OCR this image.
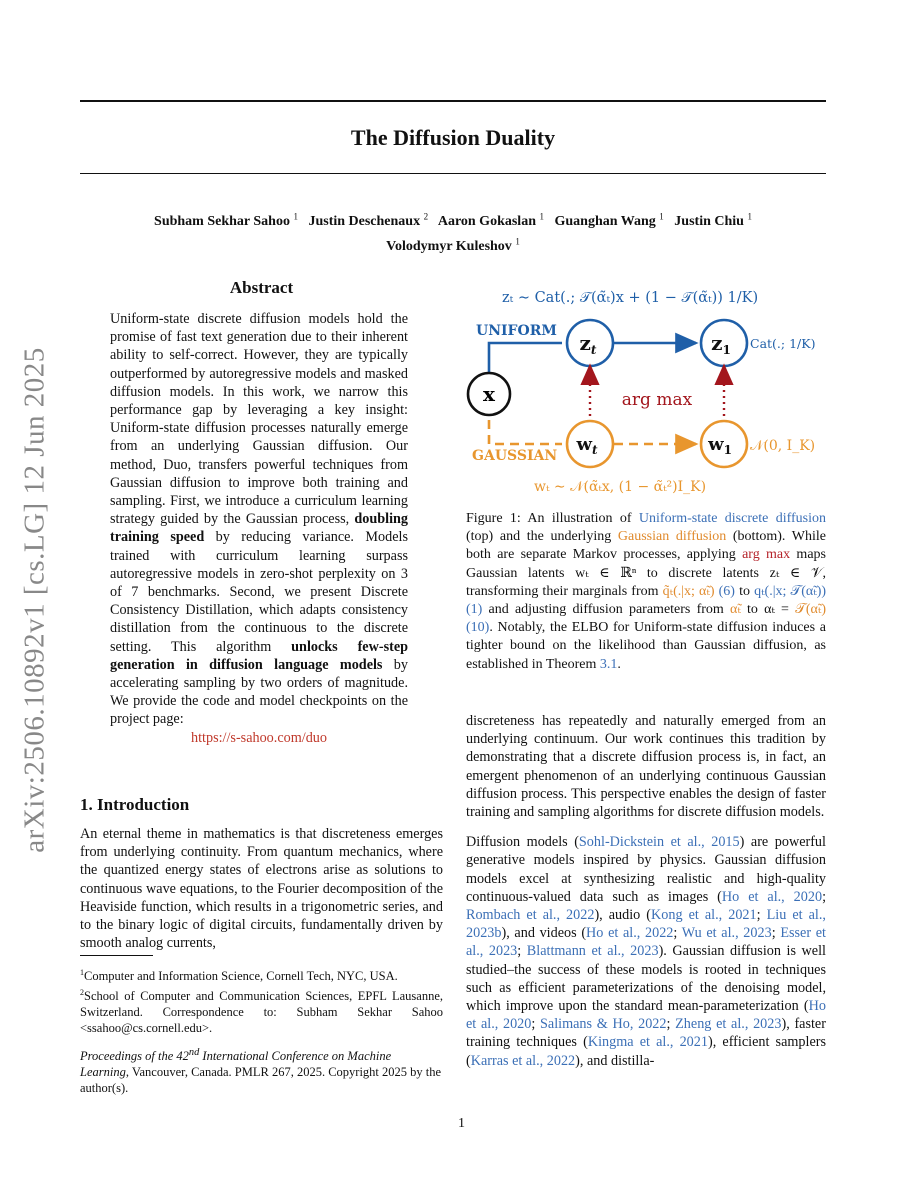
arXiv:2506.10892v1 [cs.LG] 12 Jun 2025
The Diffusion Duality
Subham Sekhar Sahoo $^1$ Justin Deschenaux $^2$ Aaron Gokaslan $^1$ Guanghan Wang $^1$ Justin Chiu $^1$
Volodymyr Kuleshov $^1$
Abstract

Uniform-state discrete diffusion models hold the promise of fast text generation due to their inherent ability to self-correct. However, they are typically outperformed by autoregressive models and masked diffusion models. In this work, we narrow this performance gap by leveraging a key insight: Uniform-state diffusion processes naturally emerge from an underlying Gaussian diffusion. Our method, Duo, transfers powerful techniques from Gaussian diffusion to improve both training and sampling. First, we introduce a curriculum learning strategy guided by the Gaussian process, doubling training speed by reducing variance. Models trained with curriculum learning surpass autoregressive models in zero-shot perplexity on 3 of 7 benchmarks. Second, we present Discrete Consistency Distillation, which adapts consistency distillation from the continuous to the discrete setting. This algorithm unlocks few-step generation in diffusion language models by accelerating sampling by two orders of magnitude. We provide the code and model checkpoints on the project page:

https://s-sahoo.com/duo

1. Introduction
An eternal theme in mathematics is that discreteness emerges from underlying continuity. From quantum mechanics, where the quantized energy states of electrons arise as solutions to continuous wave equations, to the Fourier decomposition of the Heaviside function, which results in a trigonometric series, and to the binary logic of digital circuits, fundamentally driven by smooth analog currents,
$^1$Computer and Information Science, Cornell Tech, NYC, USA.
$^2$School of Computer and Communication Sciences, EPFL Lausanne, Switzerland. Correspondence to: Subham Sekhar Sahoo <ssahoo@cs.cornell.edu>.
Proceedings of the 42nd International Conference on Machine Learning, Vancouver, Canada. PMLR 267, 2025. Copyright 2025 by the author(s).
zₜ ∼ Cat(.; 𝒯(α̃ₜ)x + (1 − 𝒯(α̃ₜ)) 1/K)
UNIFORM
x
$z_t$	$z_1$ Cat(.; 1/K)
arg max
GAUSSIAN
$w_t$	$w_1$ 𝒩(0, I_K)
wₜ ∼ 𝒩(α̃ₜx, (1 − α̃ₜ²)I_K)
Figure 1: An illustration of Uniform-state discrete diffusion (top) and the underlying Gaussian diffusion (bottom). While both are separate Markov processes, applying arg max maps Gaussian latents wₜ ∈ ℝⁿ to discrete latents zₜ ∈ 𝒱, transforming their marginals from q̃ₜ(.|x; α̃ₜ) (6) to qₜ(.|x; 𝒯(α̃ₜ)) (1) and adjusting diffusion parameters from α̃ₜ to αₜ = 𝒯(α̃ₜ) (10). Notably, the ELBO for Uniform-state diffusion induces a tighter bound on the likelihood than Gaussian diffusion, as established in Theorem 3.1.

discreteness has repeatedly and naturally emerged from an underlying continuum. Our work continues this tradition by demonstrating that a discrete diffusion process is, in fact, an emergent phenomenon of an underlying continuous Gaussian diffusion process. This perspective enables the design of faster training and sampling algorithms for discrete diffusion models.

Diffusion models (Sohl-Dickstein et al., 2015) are powerful generative models inspired by physics. Gaussian diffusion models excel at synthesizing realistic and high-quality continuous-valued data such as images (Ho et al., 2020; Rombach et al., 2022), audio (Kong et al., 2021; Liu et al., 2023b), and videos (Ho et al., 2022; Wu et al., 2023; Esser et al., 2023; Blattmann et al., 2023). Gaussian diffusion is well studied–the success of these models is rooted in techniques such as efficient parameterizations of the denoising model, which improve upon the standard mean-parameterization (Ho et al., 2020; Salimans & Ho, 2022; Zheng et al., 2023), faster training techniques (Kingma et al., 2021), efficient samplers (Karras et al., 2022), and distilla-

1
